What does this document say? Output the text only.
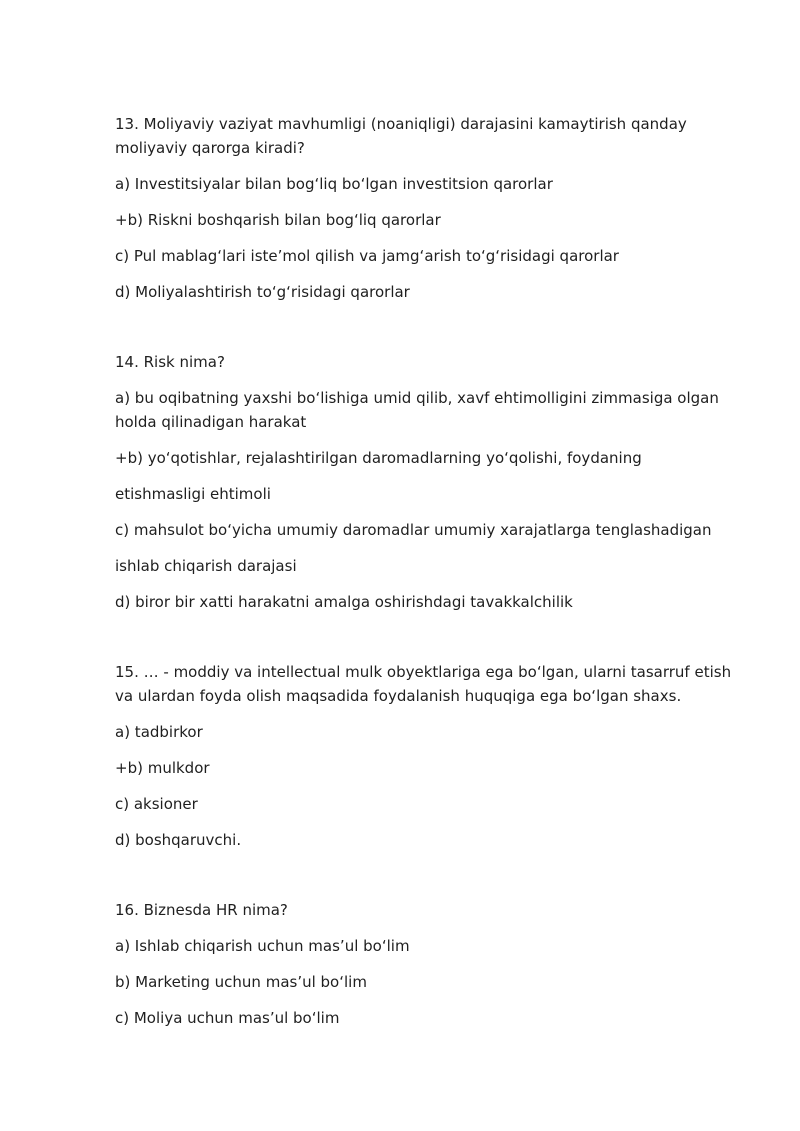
13. Moliyaviy vaziyat mavhumligi (noaniqligi) darajasini kamaytirish qanday moliyaviy qarorga kiradi?

a) Investitsiyalar bilan bog‘liq bo‘lgan investitsion qarorlar

+b) Riskni boshqarish bilan bog‘liq qarorlar

c) Pul mablag‘lari iste’mol qilish va jamg‘arish to‘g‘risidagi qarorlar

d) Moliyalashtirish to‘g‘risidagi qarorlar

14. Risk nima?

a) bu oqibatning yaxshi bo‘lishiga umid qilib, xavf ehtimolligini zimmasiga olgan holda qilinadigan harakat

+b) yo‘qotishlar, rejalashtirilgan daromadlarning yo‘qolishi, foydaning

etishmasligi ehtimoli

c) mahsulot bo‘yicha umumiy daromadlar umumiy xarajatlarga tenglashadigan

ishlab chiqarish darajasi

d) biror bir xatti harakatni amalga oshirishdagi tavakkalchilik

15. … - moddiy va intellectual mulk obyektlariga ega bo‘lgan, ularni tasarruf etish va ulardan foyda olish maqsadida foydalanish huquqiga ega bo‘lgan shaxs.

a) tadbirkor

+b) mulkdor

c) aksioner

d) boshqaruvchi.

16. Biznesda HR nima?

a) Ishlab chiqarish uchun mas’ul bo‘lim

b) Marketing uchun mas’ul bo‘lim

c) Moliya uchun mas’ul bo‘lim
